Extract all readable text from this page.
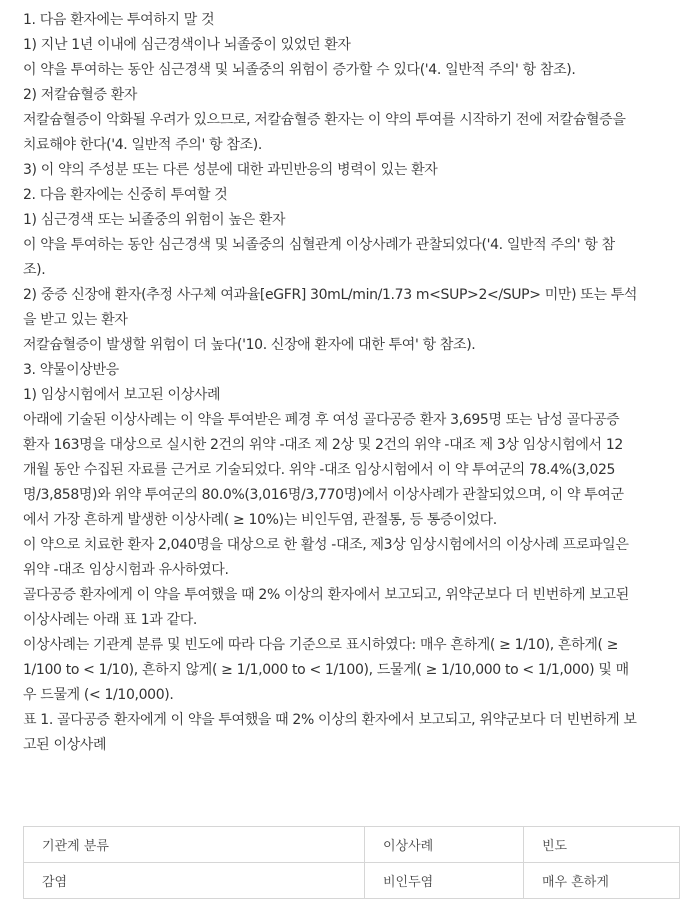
1. 다음 환자에는 투여하지 말 것

1) 지난 1년 이내에 심근경색이나 뇌졸중이 있었던 환자

이 약을 투여하는 동안 심근경색 및 뇌졸중의 위험이 증가할 수 있다('4. 일반적 주의' 항 참조).

2) 저칼슘혈증 환자

저칼슘혈증이 악화될 우려가 있으므로, 저칼슘혈증 환자는 이 약의 투여를 시작하기 전에 저칼슘혈증을

치료해야 한다('4. 일반적 주의' 항 참조).

3) 이 약의 주성분 또는 다른 성분에 대한 과민반응의 병력이 있는 환자

2. 다음 환자에는 신중히 투여할 것

1) 심근경색 또는 뇌졸중의 위험이 높은 환자

이 약을 투여하는 동안 심근경색 및 뇌졸중의 심혈관계 이상사례가 관찰되었다('4. 일반적 주의' 항 참

조).

2) 중증 신장애 환자(추정 사구체 여과율[eGFR] 30mL/min/1.73 m<SUP>2</SUP> 미만) 또는 투석

을 받고 있는 환자

저칼슘혈증이 발생할 위험이 더 높다('10. 신장애 환자에 대한 투여' 항 참조).

3. 약물이상반응

1) 임상시험에서 보고된 이상사례

아래에 기술된 이상사례는 이 약을 투여받은 폐경 후 여성 골다공증 환자 3,695명 또는 남성 골다공증

환자 163명을 대상으로 실시한 2건의 위약 -대조 제 2상 및 2건의 위약 -대조 제 3상 임상시험에서 12

개월 동안 수집된 자료를 근거로 기술되었다. 위약 -대조 임상시험에서 이 약 투여군의 78.4%(3,025

명/3,858명)와 위약 투여군의 80.0%(3,016명/3,770명)에서 이상사례가 관찰되었으며, 이 약 투여군

에서 가장 흔하게 발생한 이상사례( ≥ 10%)는 비인두염, 관절통, 등 통증이었다.

이 약으로 치료한 환자 2,040명을 대상으로 한 활성 -대조, 제3상 임상시험에서의 이상사례 프로파일은

위약 -대조 임상시험과 유사하였다.

골다공증 환자에게 이 약을 투여했을 때 2% 이상의 환자에서 보고되고, 위약군보다 더 빈번하게 보고된

이상사례는 아래 표 1과 같다.

이상사례는 기관계 분류 및 빈도에 따라 다음 기준으로 표시하였다: 매우 흔하게( ≥ 1/10), 흔하게( ≥

1/100 to < 1/10), 흔하지 않게( ≥ 1/1,000 to < 1/100), 드물게( ≥ 1/10,000 to < 1/1,000) 및 매

우 드물게 (< 1/10,000).

표 1. 골다공증 환자에게 이 약을 투여했을 때 2% 이상의 환자에서 보고되고, 위약군보다 더 빈번하게 보

고된 이상사례

기관계 분류	이상사례	빈도
감염	비인두염	매우 흔하게
